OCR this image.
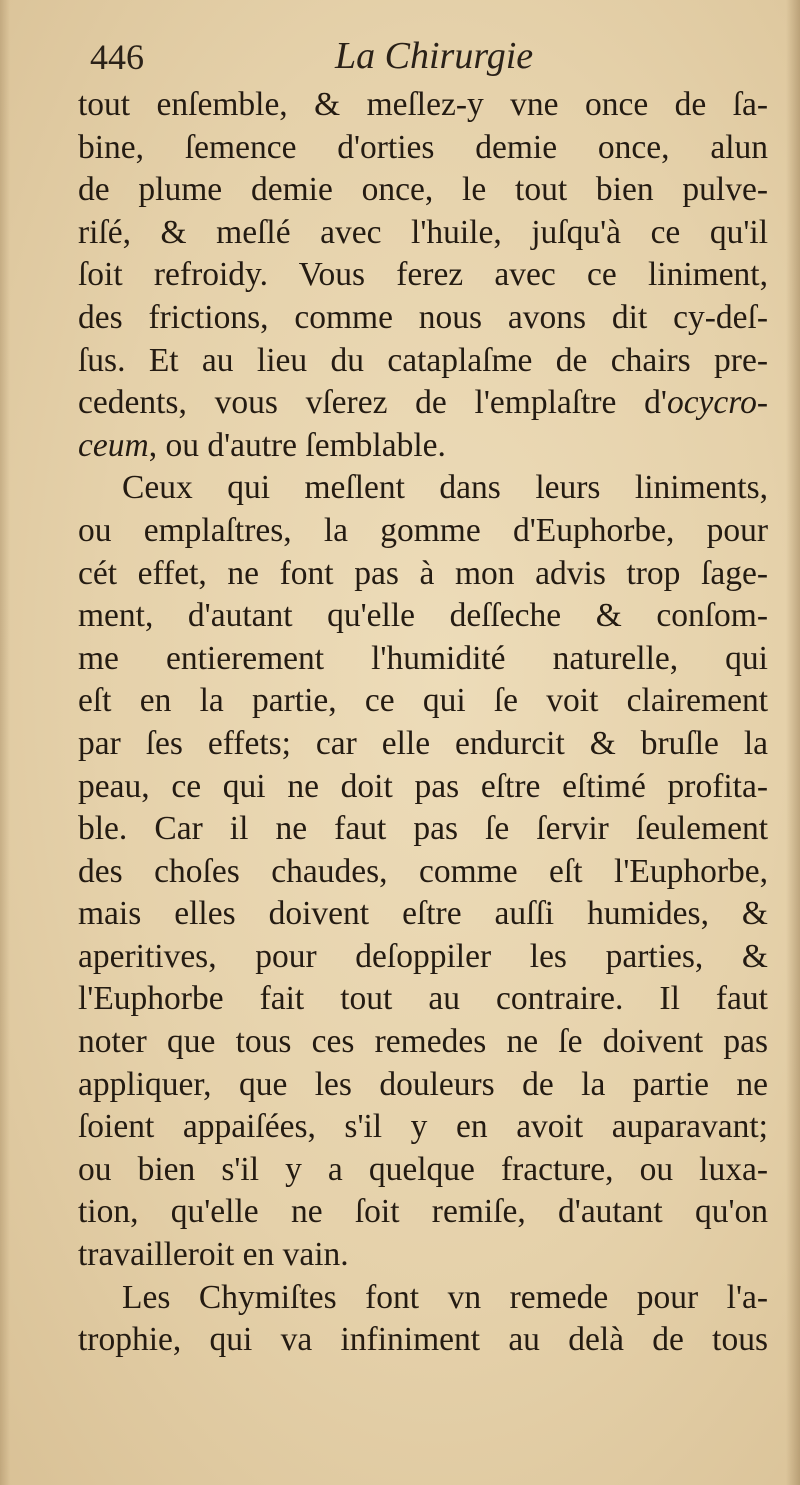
446	La Chirurgie
tout enſemble, & meſlez-y vne once de ſa-
bine, ſemence d'orties demie once, alun
de plume demie once, le tout bien pulve-
riſé, & meſlé avec l'huile, juſqu'à ce qu'il
ſoit refroidy. Vous ferez avec ce liniment,
des frictions, comme nous avons dit cy-deſ-
ſus. Et au lieu du cataplaſme de chairs pre-
cedents, vous vſerez de l'emplaſtre d'ocycro-
ceum, ou d'autre ſemblable.
Ceux qui meſlent dans leurs liniments,
ou emplaſtres, la gomme d'Euphorbe, pour
cét effet, ne font pas à mon advis trop ſage-
ment, d'autant qu'elle deſſeche & conſom-
me entierement l'humidité naturelle, qui
eſt en la partie, ce qui ſe voit clairement
par ſes effets; car elle endurcit & bruſle la
peau, ce qui ne doit pas eſtre eſtimé profita-
ble. Car il ne faut pas ſe ſervir ſeulement
des choſes chaudes, comme eſt l'Euphorbe,
mais elles doivent eſtre auſſi humides, &
aperitives, pour deſoppiler les parties, &
l'Euphorbe fait tout au contraire. Il faut
noter que tous ces remedes ne ſe doivent pas
appliquer, que les douleurs de la partie ne
ſoient appaiſées, s'il y en avoit auparavant;
ou bien s'il y a quelque fracture, ou luxa-
tion, qu'elle ne ſoit remiſe, d'autant qu'on
travailleroit en vain.
Les Chymiſtes font vn remede pour l'a-
trophie, qui va infiniment au delà de tous
